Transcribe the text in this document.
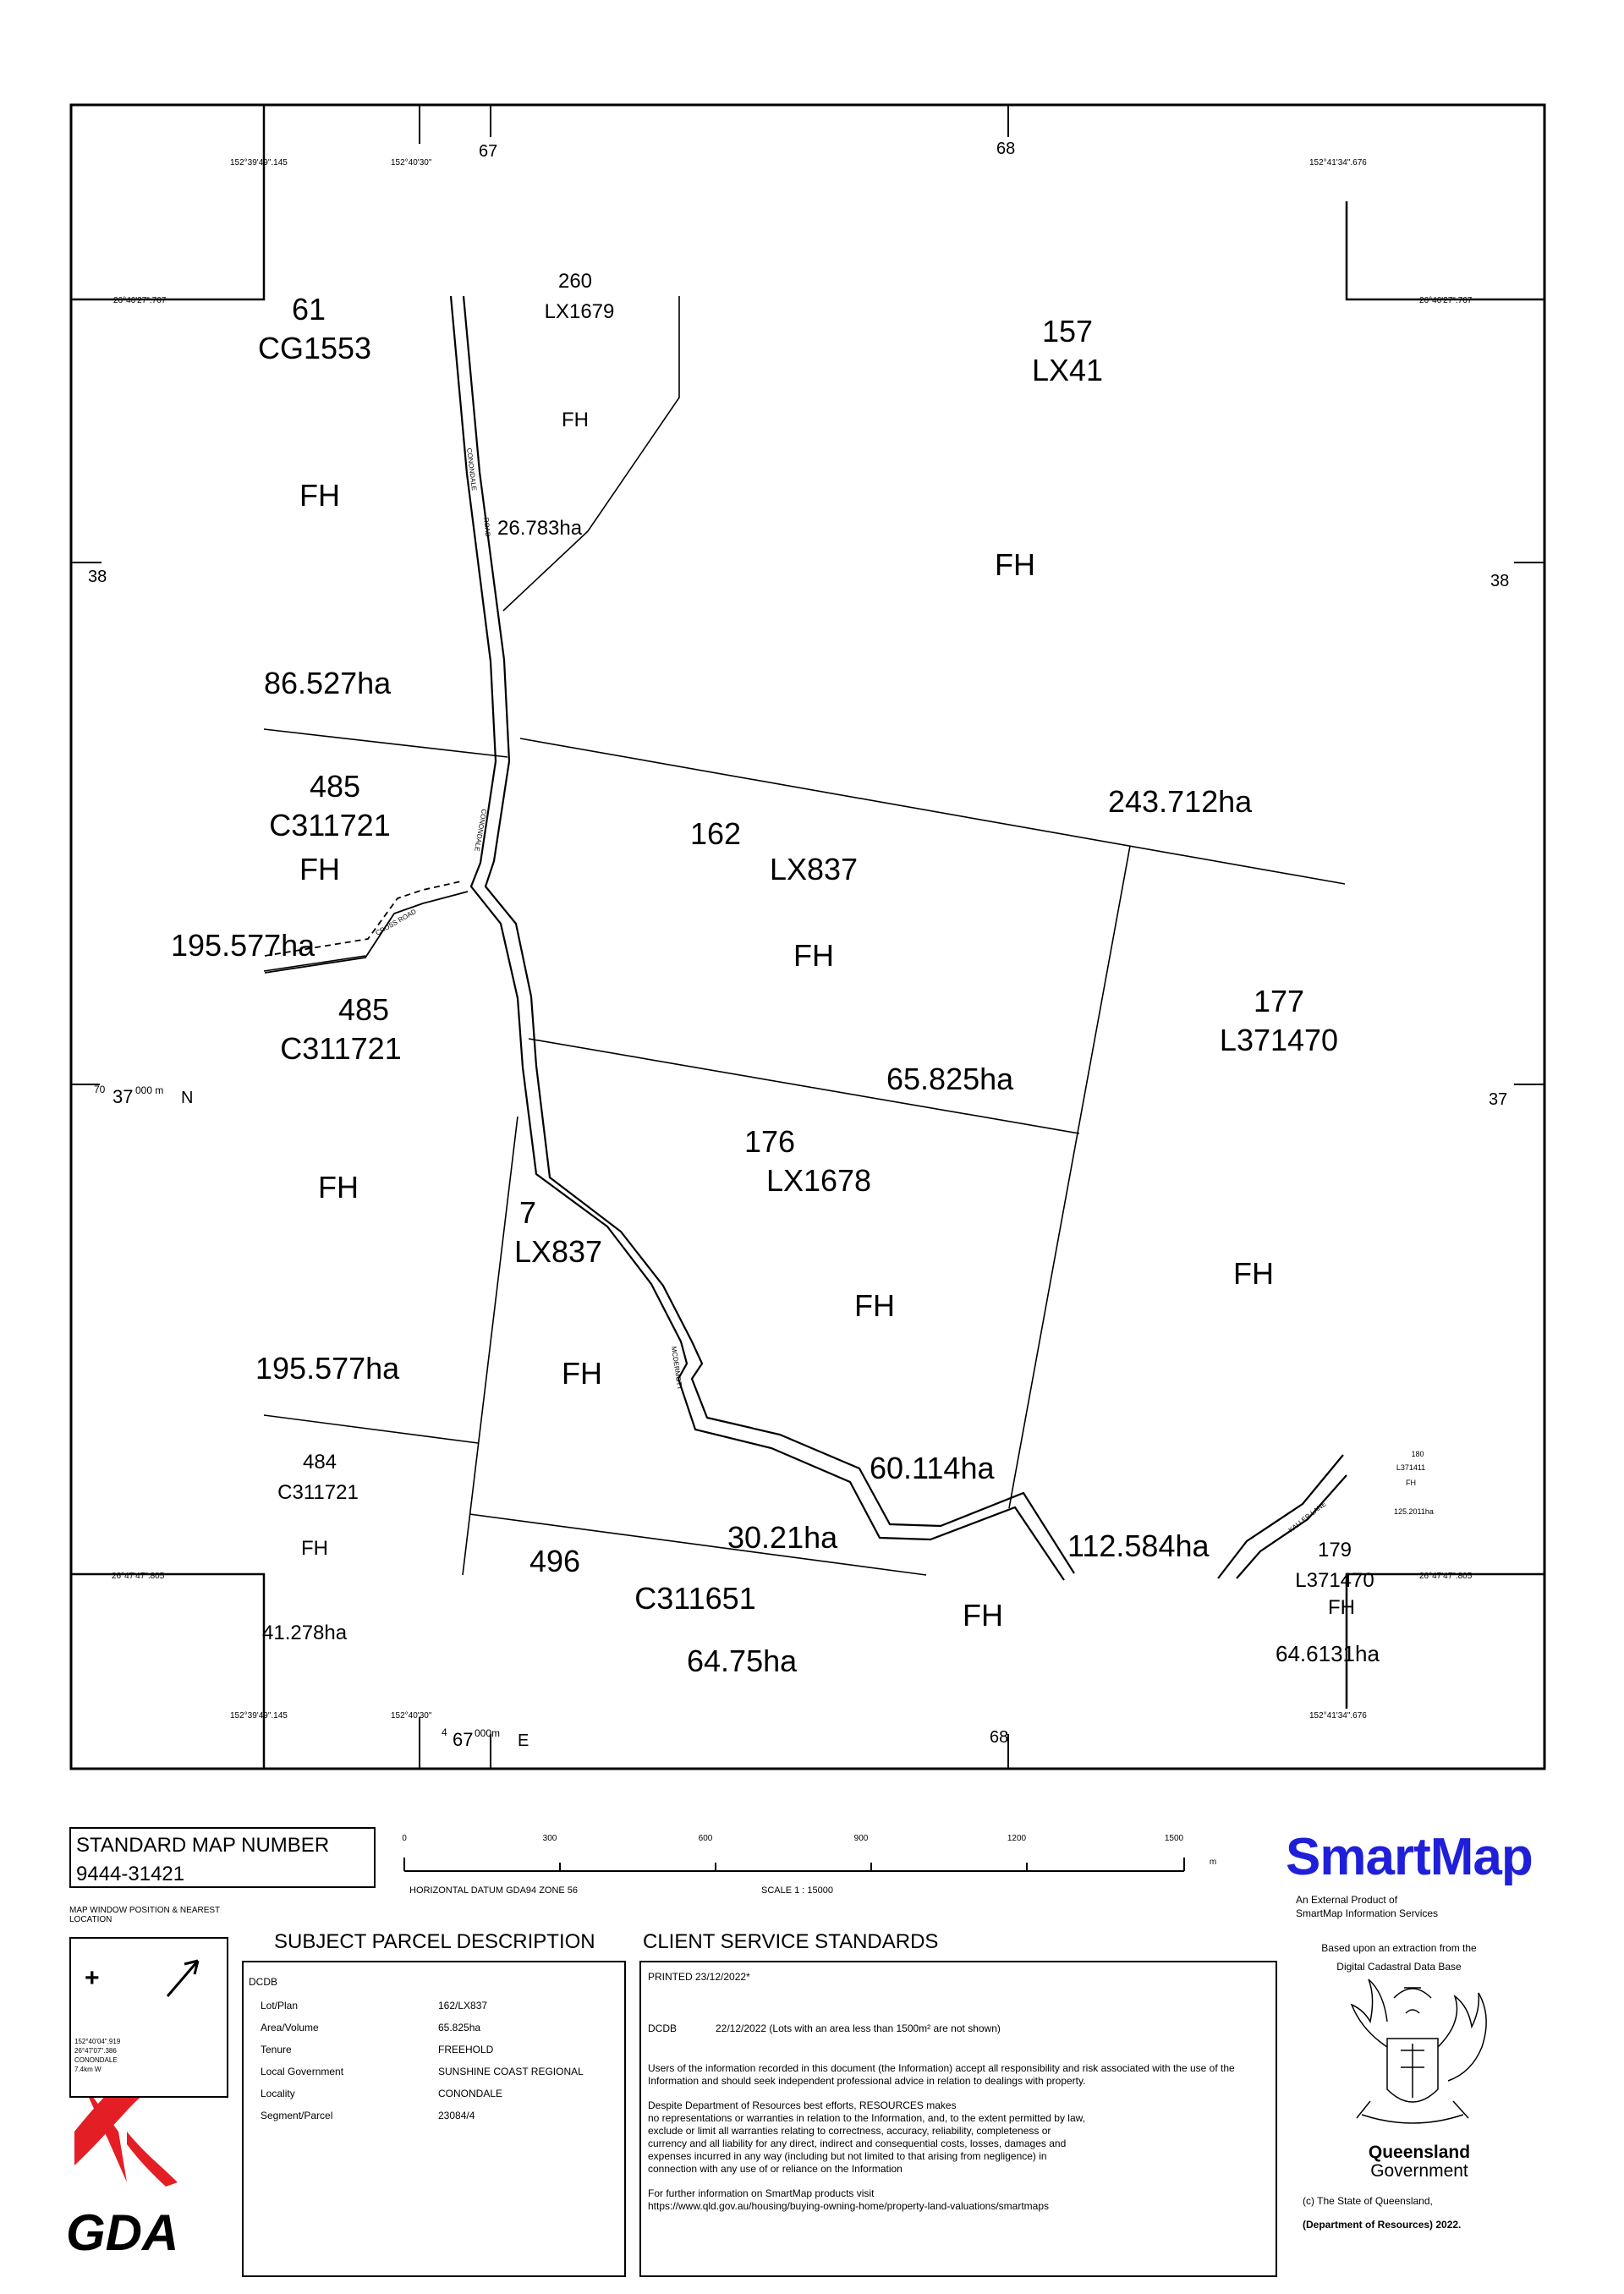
152°39'49".145	152°40'30"	152°41'34".676
26°46'27".767	26°46'27".767
26°47'47".805	26°47'47".805
152°39'49".145	152°40'30"	152°41'34".676
67	68
38	38
37
68
70 37 000 m N
4 67 000m E
61
CG1553
260
LX1679
157
LX41
485
C311721	162
LX837
485
C311721
177
L371470
176
LX1678
7
LX837
484
C311721
496
C311651
179
L371470
180
L371411
FH
FH
FH
FH
FH
FH
FH
FH
FH
FH
FH	FH
FH
86.527ha
26.783ha
243.712ha
195.577ha
65.825ha
195.577ha
60.114ha
30.21ha	112.584ha
41.278ha
64.75ha	64.6131ha
125.2011ha
CONONDALE
ROAD
CONONDALE
CROSS ROAD
MCDERMOTT
KALLER LANE
0	300	600	900	1200	1500
m
HORIZONTAL DATUM GDA94 ZONE 56	SCALE 1 : 15000
GDA
STANDARD MAP NUMBER
9444-31421
MAP WINDOW POSITION & NEAREST LOCATION
+
152°40'04".919
26°47'07".386
CONONDALE
7.4km W
SUBJECT PARCEL DESCRIPTION
DCDB
Lot/Plan	162/LX837
Area/Volume	65.825ha
Tenure	FREEHOLD
Local Government	SUNSHINE COAST REGIONAL
Locality	CONONDALE
Segment/Parcel	23084/4
CLIENT SERVICE STANDARDS
PRINTED 23/12/2022*
DCDB	22/12/2022 (Lots with an area less than 1500m² are not shown)
Users of the information recorded in this document (the Information) accept all responsibility and risk associated with the use of the Information and should seek independent professional advice in relation to dealings with property.
Despite Department of Resources best efforts, RESOURCES makes
no representations or warranties in relation to the Information, and, to the extent permitted by law,
exclude or limit all warranties relating to correctness, accuracy, reliability, completeness or
currency and all liability for any direct, indirect and consequential costs, losses, damages and
expenses incurred in any way (including but not limited to that arising from negligence) in
connection with any use of or reliance on the Information
For further information on SmartMap products visit
https://www.qld.gov.au/housing/buying-owning-home/property-land-valuations/smartmaps
SmartMap
An External Product of
SmartMap Information Services
Based upon an extraction from the
Digital Cadastral Data Base
Queensland
Government
(c) The State of Queensland,
(Department of Resources) 2022.
